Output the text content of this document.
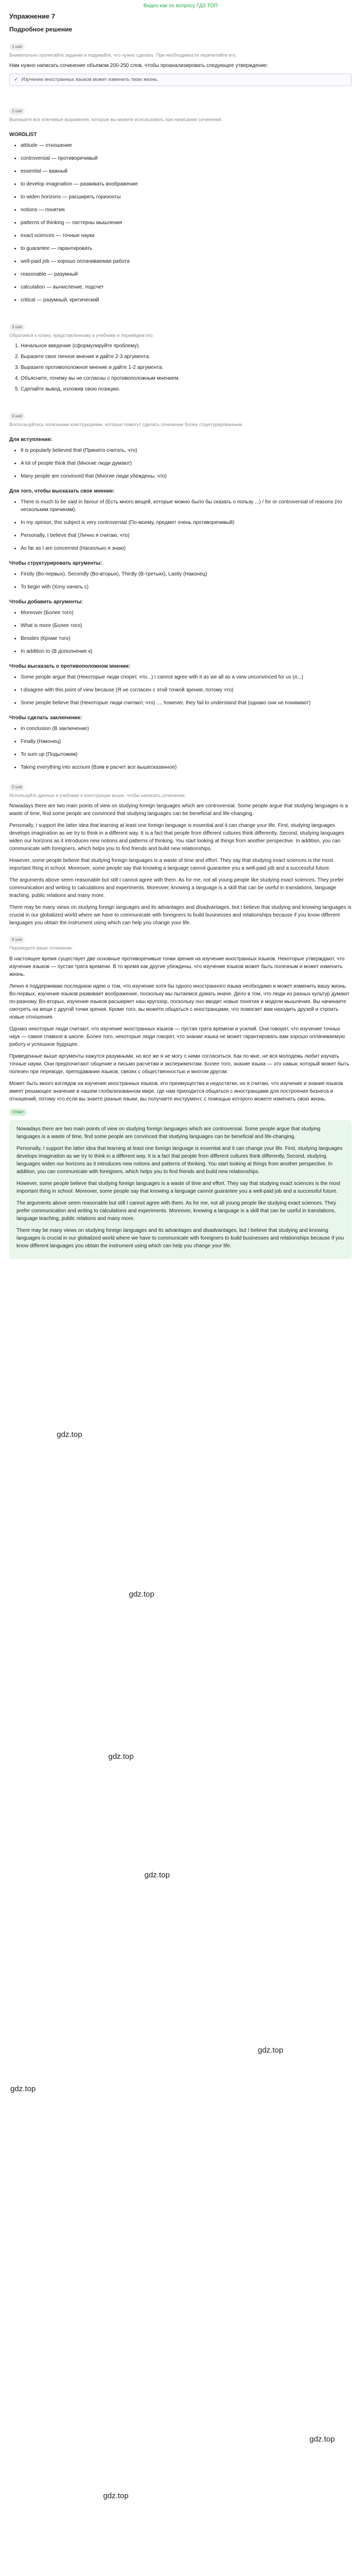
Видео как по вопросу ГДЗ ТОП
Упражнение 7
Подробное решение
1 шаг
Внимательно прочитайте задание и подумайте, что нужно сделать. При необходимости перечитайте его.

Нам нужно написать сочинение объемом 200-250 слов, чтобы проанализировать следующее утверждение:

✓ Изучение иностранных языков может изменить твою жизнь.
2 шаг
Выпишите все ключевые выражения, которые вы можете использовать при написании сочинения.
WORDLIST
• attitude — отношение
• controversial — противоречивый
• essential — важный
• to develop imagination — развивать воображение
• to widen horizons — расширять горизонты
• notions — понятия
• patterns of thinking — паттерны мышления
• exact sciences — точные науки
• to guarantee — гарантировать
• well-paid job — хорошо оплачиваемая работа
• reasonable — разумный
• calculation — вычисление, подсчет
• critical — разумный, критический
3 шаг
Обратимся к плану, представленному в учебнике и перевёдем его.
1. Начальное введение (сформулируйте проблему).
2. Выразите свое личное мнение и дайте 2-3 аргумента.
3. Выразите противоположное мнение и дайте 1-2 аргумента.
4. Объясните, почему вы не согласны с противоположным мнением.
5. Сделайте вывод, изложив свою позицию.
4 шаг
Воспользуйтесь полезными конструкциями, которые помогут сделать сочинение более структурированным.
Для вступления:
• It is popularly believed that (Принято считать, что)
• A lot of people think that (Многие люди думают)
• Many people are convinced that (Многие люди убеждены, что)
Для того, чтобы высказать свое мнение:
• There is much to be said in favour of (Есть много вещей, которые можно было бы сказать о пользу ...) / for or controversial of reasons (по нескольким причинам).
• In my opinion, this subject is very controversial (По-моему, предмет очень противоречивый)
• Personally, I believe that (Лично я считаю, что)
• As far as I am concerned (Насколько я знаю)
Чтобы структурировать аргументы:
• Firstly (Во-первых), Secondly (Во-вторых), Thirdly (В-третьих), Lastly (Наконец)
• To begin with (Хочу начать с)
Чтобы добавить аргументы:
• Moreover (Более того)
• What is more (Более того)
• Besides (Кроме того)
• In addition to (В дополнение к)
Чтобы высказать о противоположном мнении:
• Some people argue that (Некоторые люди спорят, что...) I cannot agree with it as we all as a view unconvinced for us (я...)
• I disagree with this point of view because (Я не согласен с этой точкой зрения, потому что)
• Some people believe that (Некоторые люди считают, что) ..., however, they fail to understand that (однако они не понимают)
Чтобы сделать заключение:
• In conclusion (В заключение)
• Finally (Наконец)
• To sum up (Подытожим)
• Taking everything into account (Взяв в расчет все вышесказанное)
5 шаг
Используйте данные в учебнике и конструкции выше, чтобы написать сочинение.

Nowadays there are two main points of view on studying foreign languages which are controversial. Some people argue that studying languages is a waste of time, find some people are convinced that studying languages can be beneficial and life-changing.

Personally, I support the latter idea that learning at least one foreign language is essential and it can change your life. First, studying languages develops imagination as we try to think in a different way. It is a fact that people from different cultures think differently. Second, studying languages widen our horizons as it introduces new notions and patterns of thinking. You start looking at things from another perspective. In addition, you can communicate with foreigners, which helps you to find friends and build new relationships.

However, some people believe that studying foreign languages is a waste of time and effort. They say that studying exact sciences is the most important thing in school. Moreover, some people say that knowing a language cannot guarantee you a well-paid job and a successful future.

The arguments above seem reasonable but still I cannot agree with them. As for me, not all young people like studying exact sciences. They prefer communication and writing to calculations and experiments. Moreover, knowing a language is a skill that can be useful in translations, language teaching, public relations and many more.

There may be many views on studying foreign languages and its advantages and disadvantages, but I believe that studying and knowing languages is crucial in our globalized world where we have to communicate with foreigners to build businesses and relationships because if you know different languages you obtain the instrument using which can help you change your life.

6 шаг
Переведите ваше сочинение.

В настоящее время существует две основные противоречивые точки зрения на изучение иностранных языков. Некоторые утверждают, что изучение языков — пустая трата времени. В то время как другие убеждены, что изучение языков может быть полезным и может изменить жизнь.

Лично я поддерживаю последнюю идею о том, что изучение хотя бы одного иностранного языка необходимо и может изменить вашу жизнь. Во-первых, изучение языков развивает воображение, поскольку мы пытаемся думать иначе. Дело в том, что люди из разных культур думают по-разному. Во-вторых, изучение языков расширяет наш кругозор, поскольку оно вводит новые понятия и модели мышления. Вы начинаете смотреть на вещи с другой точки зрения. Кроме того, вы можете общаться с иностранцами, что помогает вам находить друзей и строить новые отношения.

Однако некоторые люди считают, что изучение иностранных языков — пустая трата времени и усилий. Они говорят, что изучение точных наук — самое главное в школе. Более того, некоторые люди говорят, что знание языка не может гарантировать вам хорошо оплачиваемую работу и успешное будущее.

Приведенные выше аргументы кажутся разумными, но все же я не могу с ними согласиться. Как по мне, не вся молодежь любит изучать точные науки. Они предпочитают общение и письмо расчетам и экспериментам. Более того, знание языка — это навык, который может быть полезен при переводе, преподавании языков, связях с общественностью и многом другом.

Может быть много взглядов на изучение иностранных языков, его преимущества и недостатки, но я считаю, что изучение и знание языков имеет решающее значение в нашем глобализованном мире, где нам приходится общаться с иностранцами для построения бизнеса и отношений, потому что если вы знаете разные языки, вы получаете инструмент, с помощью которого можете изменить свою жизнь.

Ответ

Nowadays there are two main points of view on studying foreign languages which are controversial. Some people argue that studying languages is a waste of time, find some people are convinced that studying languages can be beneficial and life-changing.

Personally, I support the latter idea that learning at least one foreign language is essential and it can change your life. First, studying languages develops imagination as we try to think in a different way. It is a fact that people from different cultures think differently. Second, studying languages widen our horizons as it introduces new notions and patterns of thinking. You start looking at things from another perspective. In addition, you can communicate with foreigners, which helps you to find friends and build new relationships.

However, some people believe that studying foreign languages is a waste of time and effort. They say that studying exact sciences is the most important thing in school. Moreover, some people say that knowing a language cannot guarantee you a well-paid job and a successful future.

The arguments above seem reasonable but still I cannot agree with them. As for me, not all young people like studying exact sciences. They prefer communication and writing to calculations and experiments. Moreover, knowing a language is a skill that can be useful in translations, language teaching, public relations and many more.

There may be many views on studying foreign languages and its advantages and disadvantages, but I believe that studying and knowing languages is crucial in our globalized world where we have to communicate with foreigners to build businesses and relationships because if you know different languages you obtain the instrument using which can help you change your life.

gdz.top
gdz.top
gdz.top
gdz.top
gdz.top
gdz.top
gdz.top
gdz.top
